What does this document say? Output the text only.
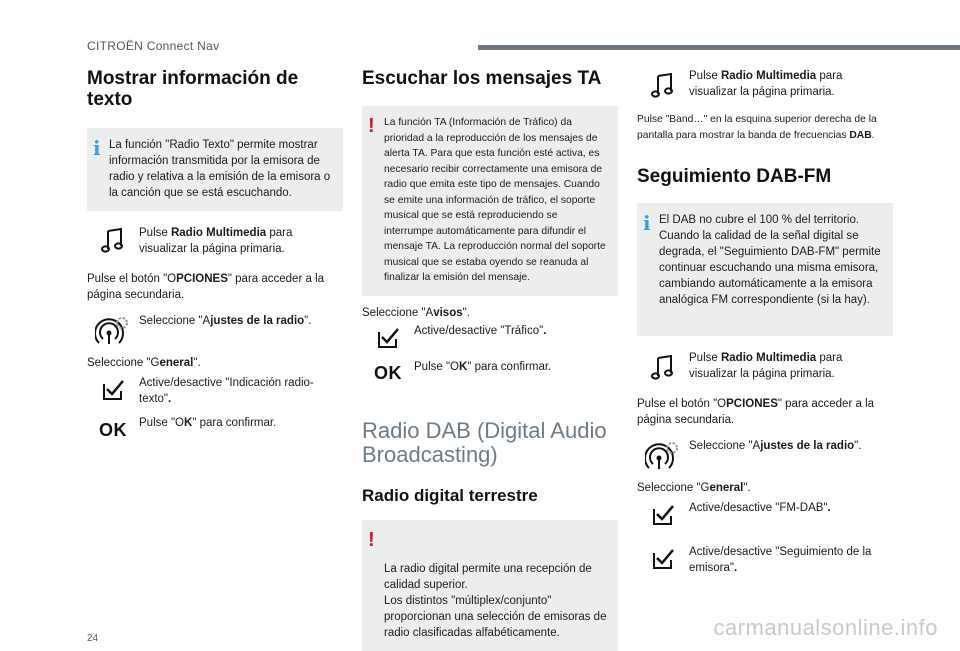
CITROËN Connect Nav
Mostrar información de texto
i La función "Radio Texto" permite mostrar información transmitida por la emisora de radio y relativa a la emisión de la emisora o la canción que se está escuchando.
Pulse Radio Multimedia para visualizar la página primaria.

Pulse el botón "OPCIONES" para acceder a la página secundaria.

Seleccione "Ajustes de la radio".

Seleccione "General".

Active/desactive "Indicación radio-texto".
OK Pulse "OK" para confirmar.
Escuchar los mensajes TA
! La función TA (Información de Tráfico) da prioridad a la reproducción de los mensajes de alerta TA. Para que esta función esté activa, es necesario recibir correctamente una emisora de radio que emita este tipo de mensajes. Cuando se emite una información de tráfico, el soporte musical que se está reproduciendo se interrumpe automáticamente para difundir el mensaje TA. La reproducción normal del soporte musical que se estaba oyendo se reanuda al finalizar la emisión del mensaje.

Seleccione "Avisos".

Active/desactive "Tráfico".
OK Pulse "OK" para confirmar.
Radio DAB (Digital Audio Broadcasting)
Radio digital terrestre

!

La radio digital permite una recepción de calidad superior.
Los distintos "múltiplex/conjunto" proporcionan una selección de emisoras de radio clasificadas alfabéticamente.

Pulse Radio Multimedia para visualizar la página primaria.

Pulse "Band…" en la esquina superior derecha de la pantalla para mostrar la banda de frecuencias DAB.

Seguimiento DAB-FM
i El DAB no cubre el 100 % del territorio. Cuando la calidad de la señal digital se degrada, el "Seguimiento DAB-FM" permite continuar escuchando una misma emisora, cambiando automáticamente a la emisora analógica FM correspondiente (si la hay).
Pulse Radio Multimedia para visualizar la página primaria.

Pulse el botón "OPCIONES" para acceder a la página secundaria.

Seleccione "Ajustes de la radio".

Seleccione "General".

Active/desactive "FM-DAB".
Active/desactive "Seguimiento de la emisora".
24	carmanualsonline.info
